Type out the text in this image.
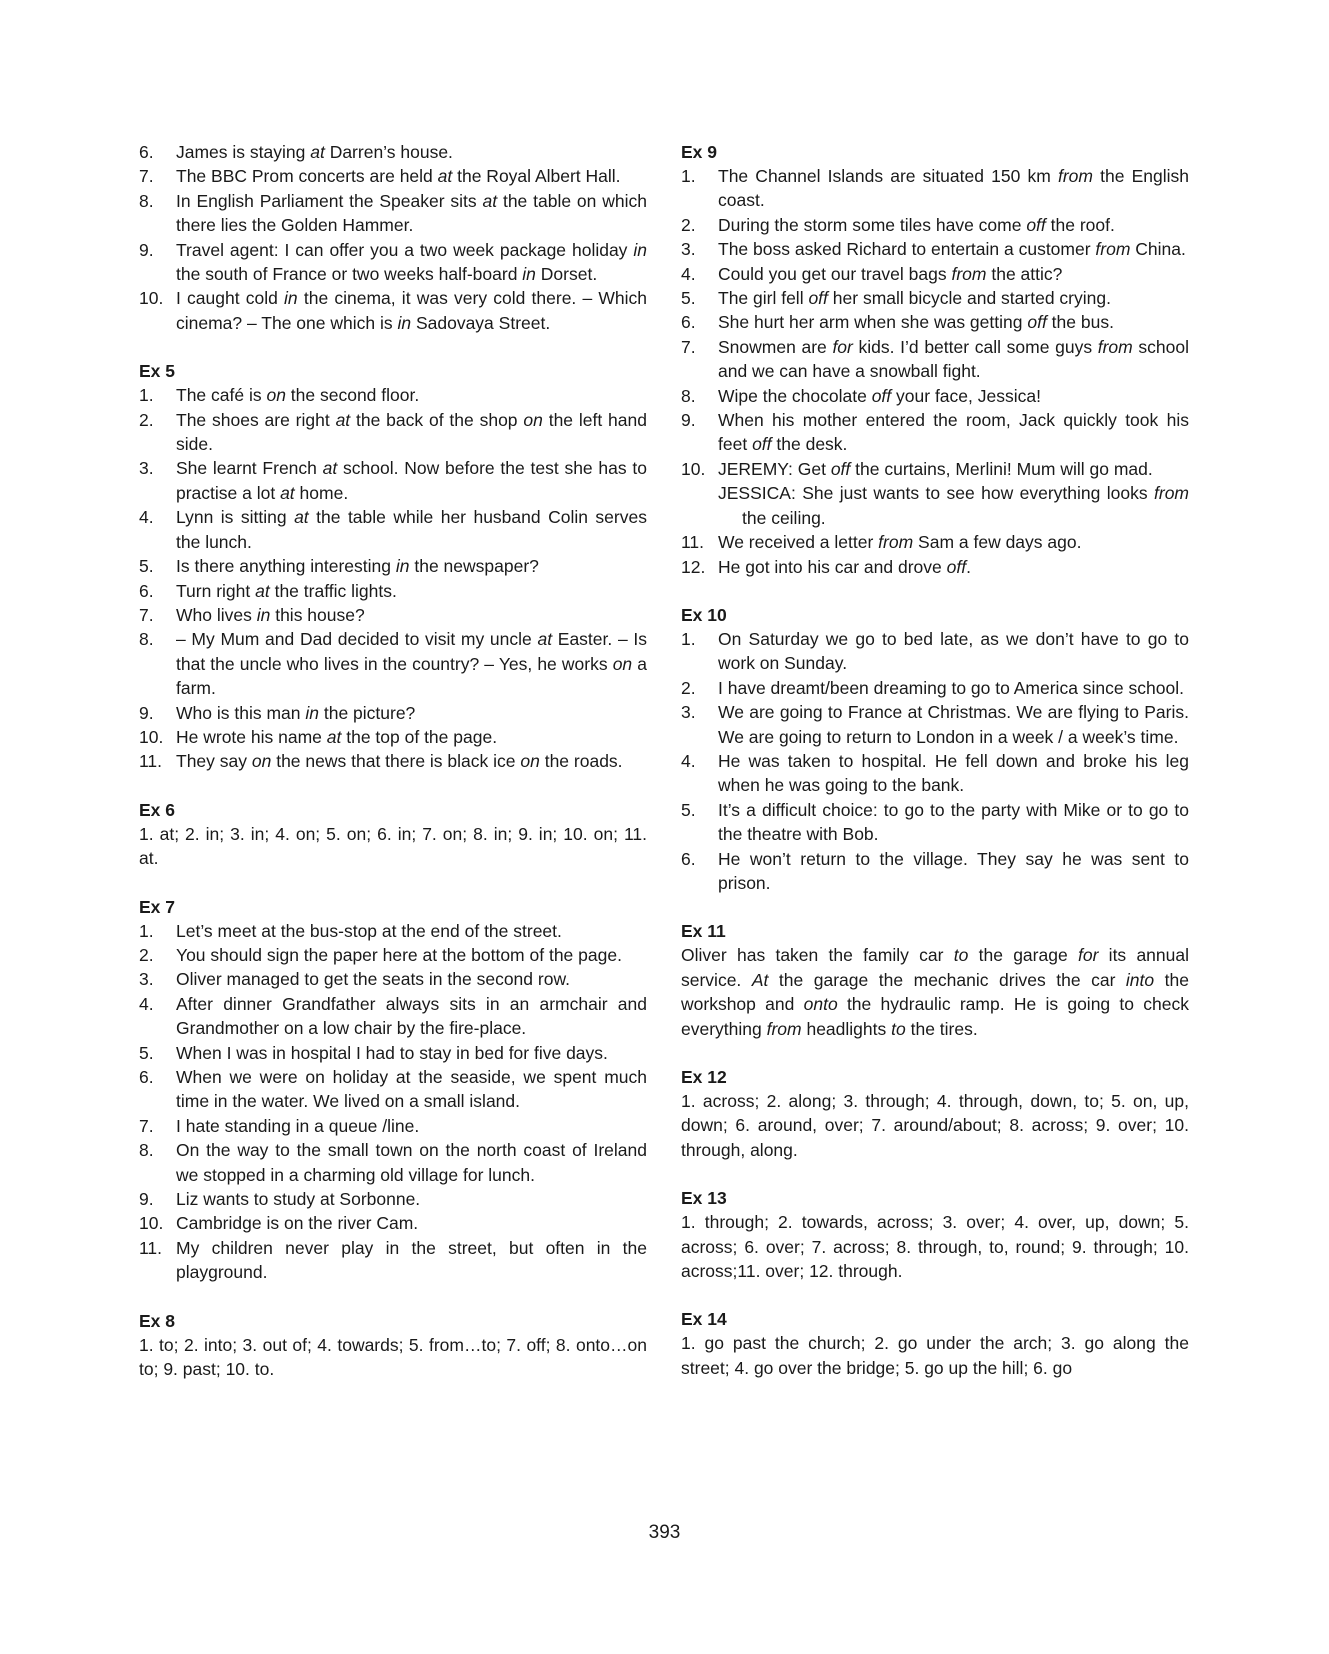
6. James is staying at Darren’s house.
7. The BBC Prom concerts are held at the Royal Albert Hall.
8. In English Parliament the Speaker sits at the table on which there lies the Golden Hammer.
9. Travel agent: I can offer you a two week package holiday in the south of France or two weeks half-board in Dorset.
10. I caught cold in the cinema, it was very cold there. – Which cinema? – The one which is in Sadovaya Street.
Ex 5
1. The café is on the second floor.
2. The shoes are right at the back of the shop on the left hand side.
3. She learnt French at school. Now before the test she has to practise a lot at home.
4. Lynn is sitting at the table while her husband Colin serves the lunch.
5. Is there anything interesting in the newspaper?
6. Turn right at the traffic lights.
7. Who lives in this house?
8. – My Mum and Dad decided to visit my uncle at Easter. – Is that the uncle who lives in the country? – Yes, he works on a farm.
9. Who is this man in the picture?
10. He wrote his name at the top of the page.
11. They say on the news that there is black ice on the roads.
Ex 6
1. at; 2. in; 3. in; 4. on; 5. on; 6. in; 7. on; 8. in; 9. in; 10. on; 11. at.
Ex 7
1. Let’s meet at the bus-stop at the end of the street.
2. You should sign the paper here at the bottom of the page.
3. Oliver managed to get the seats in the second row.
4. After dinner Grandfather always sits in an armchair and Grandmother on a low chair by the fire-place.
5. When I was in hospital I had to stay in bed for five days.
6. When we were on holiday at the seaside, we spent much time in the water. We lived on a small island.
7. I hate standing in a queue /line.
8. On the way to the small town on the north coast of Ireland we stopped in a charming old village for lunch.
9. Liz wants to study at Sorbonne.
10. Cambridge is on the river Cam.
11. My children never play in the street, but often in the playground.
Ex 8
1. to; 2. into; 3. out of; 4. towards; 5. from…to; 7. off; 8. onto…on to; 9. past; 10. to.
Ex 9
1. The Channel Islands are situated 150 km from the English coast.
2. During the storm some tiles have come off the roof.
3. The boss asked Richard to entertain a customer from China.
4. Could you get our travel bags from the attic?
5. The girl fell off her small bicycle and started crying.
6. She hurt her arm when she was getting off the bus.
7. Snowmen are for kids. I’d better call some guys from school and we can have a snowball fight.
8. Wipe the chocolate off your face, Jessica!
9. When his mother entered the room, Jack quickly took his feet off the desk.
10. JEREMY: Get off the curtains, Merlini! Mum will go mad.
JESSICA: She just wants to see how everything looks from the ceiling.
11. We received a letter from Sam a few days ago.
12. He got into his car and drove off.
Ex 10
1. On Saturday we go to bed late, as we don’t have to go to work on Sunday.
2. I have dreamt/been dreaming to go to America since school.
3. We are going to France at Christmas. We are flying to Paris. We are going to return to London in a week / a week’s time.
4. He was taken to hospital. He fell down and broke his leg when he was going to the bank.
5. It’s a difficult choice: to go to the party with Mike or to go to the theatre with Bob.
6. He won’t return to the village. They say he was sent to prison.
Ex 11
Oliver has taken the family car to the garage for its annual service. At the garage the mechanic drives the car into the workshop and onto the hydraulic ramp. He is going to check everything from headlights to the tires.
Ex 12
1. across; 2. along; 3. through; 4. through, down, to; 5. on, up, down; 6. around, over; 7. around/about; 8. across; 9. over; 10. through, along.
Ex 13
1. through; 2. towards, across; 3. over; 4. over, up, down; 5. across; 6. over; 7. across; 8. through, to, round; 9. through; 10. across;11. over; 12. through.
Ex 14
1. go past the church; 2. go under the arch; 3. go along the street; 4. go over the bridge; 5. go up the hill; 6. go
393
